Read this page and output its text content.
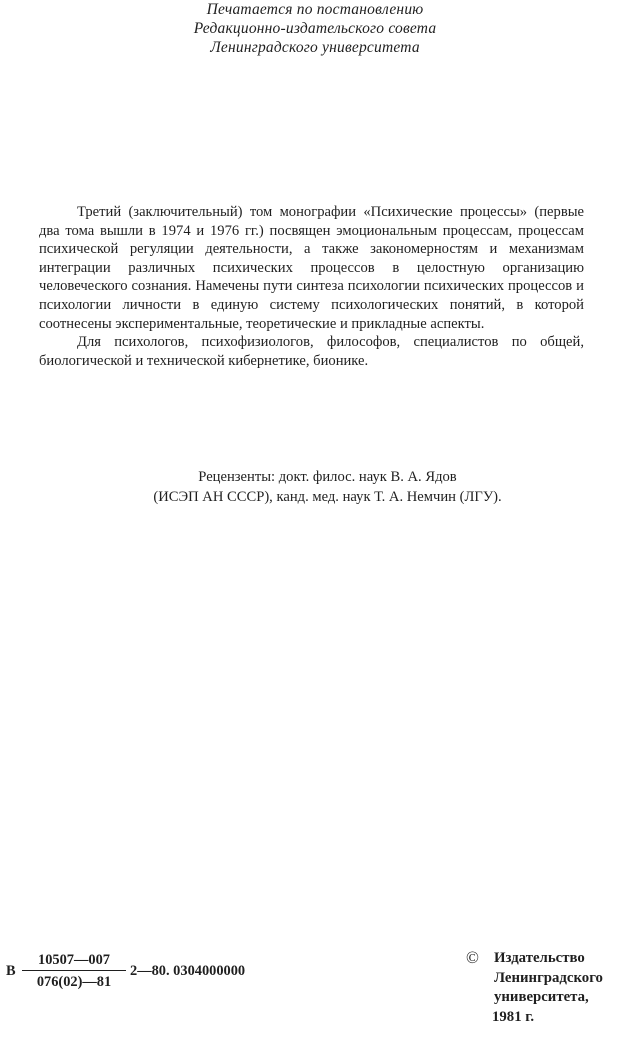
Печатается по постановлению
Редакционно-издательского совета
Ленинградского университета

Третий (заключительный) том монографии «Психические процессы» (первые два тома вышли в 1974 и 1976 гг.) посвящен эмоциональным процессам, процессам психической регуляции деятельности, а также закономерностям и механизмам интеграции различных психических процессов в целостную организацию человеческого сознания. Намечены пути синтеза психологии психических процессов и психологии личности в единую систему психологических понятий, в которой соотнесены экспериментальные, теоретические и прикладные аспекты.

Для психологов, психофизиологов, философов, специалистов по общей, биологической и технической кибернетике, бионике.

Рецензенты: докт. филос. наук В. А. Ядов
(ИСЭП АН СССР), канд. мед. наук Т. А. Немчин (ЛГУ).
В
10507—007
076(02)—81
2—80. 0304000000
©	Издательство
Ленинградского
университета,
1981 г.
